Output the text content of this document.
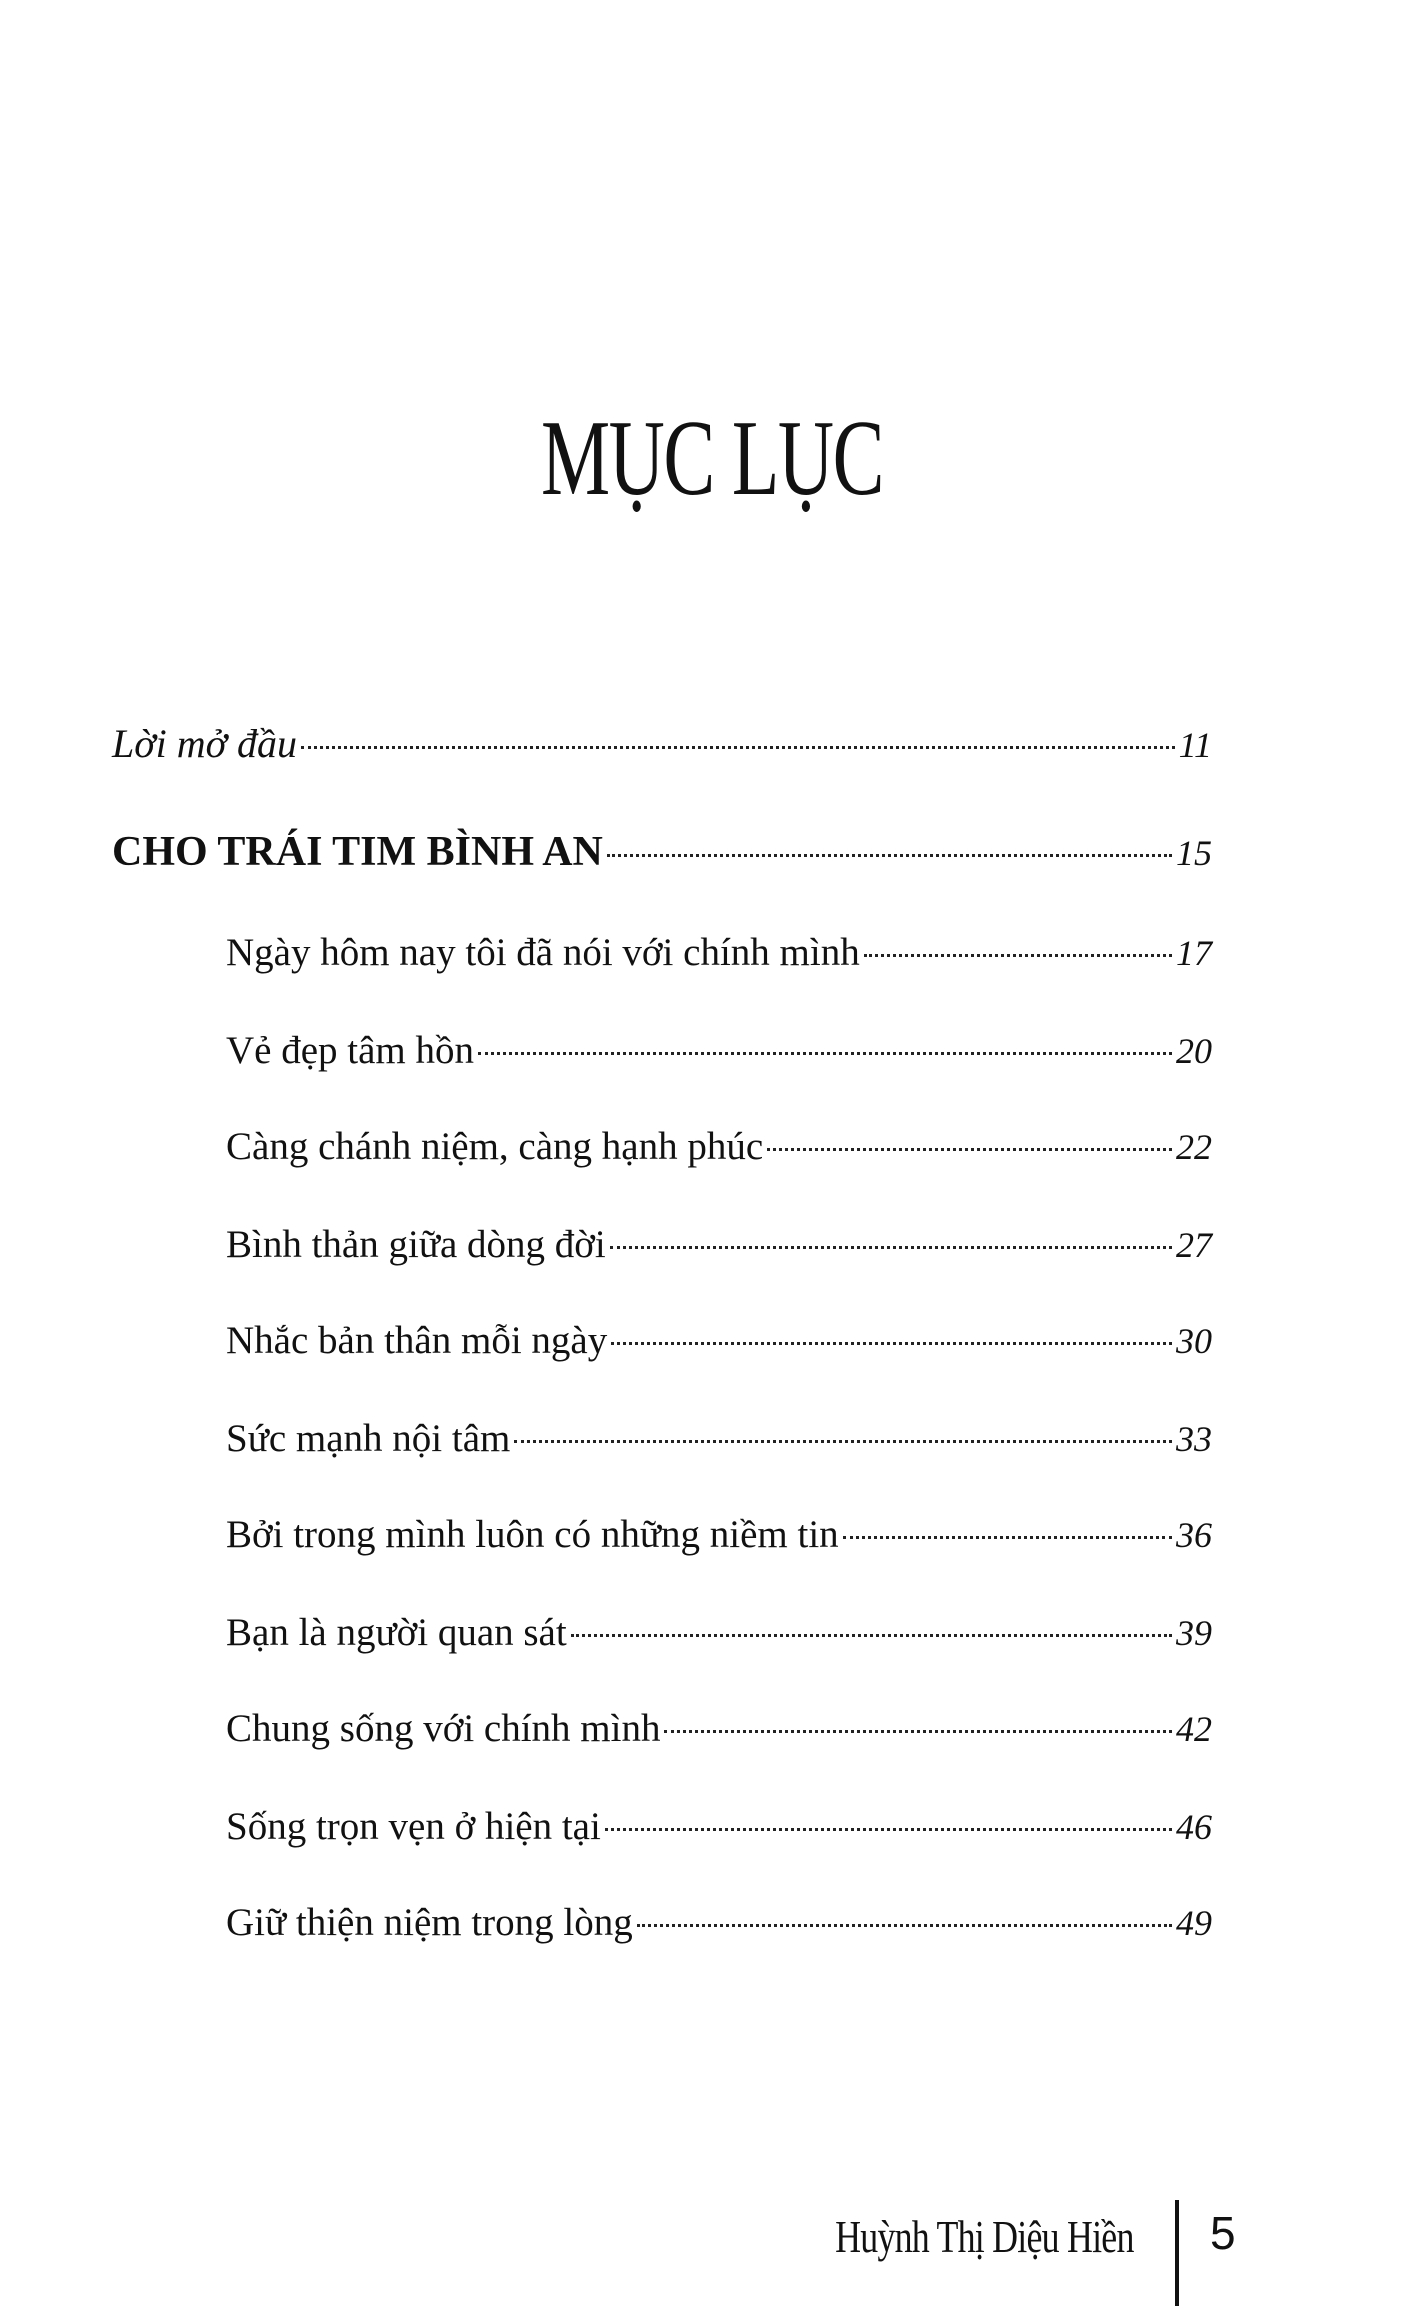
MỤC LỤC
Lời mở đầu	11
CHO TRÁI TIM BÌNH AN	15
Ngày hôm nay tôi đã nói với chính mình	17
Vẻ đẹp tâm hồn	20
Càng chánh niệm, càng hạnh phúc	22
Bình thản giữa dòng đời	27
Nhắc bản thân mỗi ngày	30
Sức mạnh nội tâm	33
Bởi trong mình luôn có những niềm tin	36
Bạn là người quan sát	39
Chung sống với chính mình	42
Sống trọn vẹn ở hiện tại	46
Giữ thiện niệm trong lòng	49
Huỳnh Thị Diệu Hiền 5
